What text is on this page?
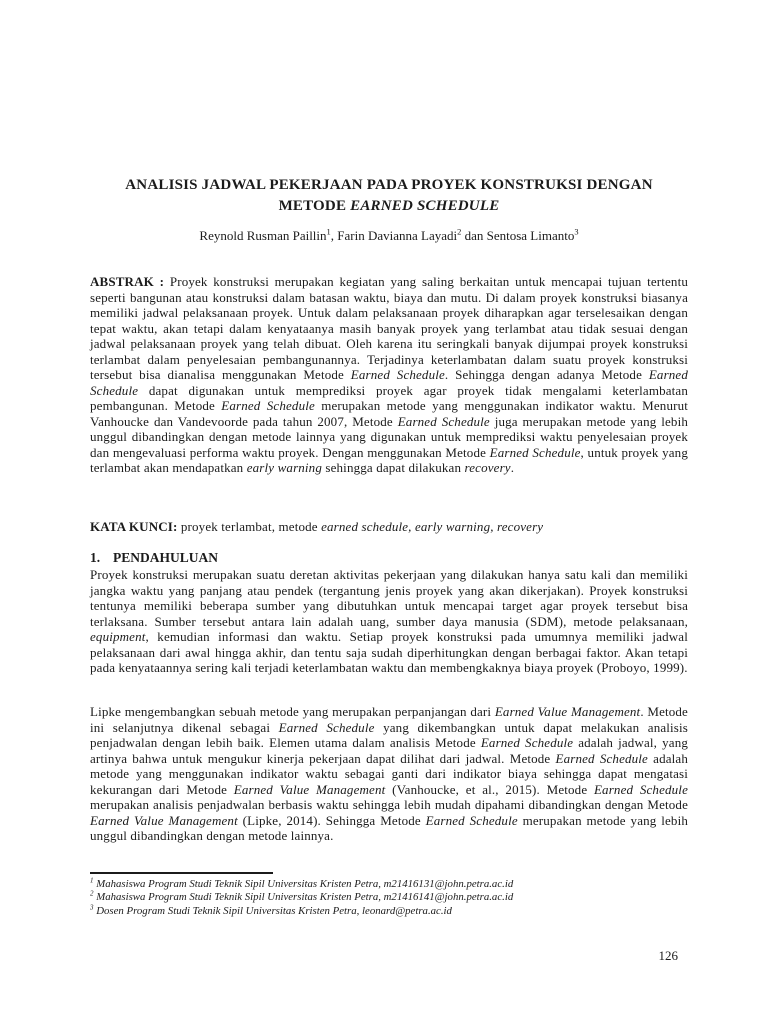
ANALISIS JADWAL PEKERJAAN PADA PROYEK KONSTRUKSI DENGAN
METODE EARNED SCHEDULE
Reynold Rusman Paillin$^1$, Farin Davianna Layadi$^2$ dan Sentosa Limanto$^3$
ABSTRAK : Proyek konstruksi merupakan kegiatan yang saling berkaitan untuk mencapai tujuan tertentu seperti bangunan atau konstruksi dalam batasan waktu, biaya dan mutu. Di dalam proyek konstruksi biasanya memiliki jadwal pelaksanaan proyek. Untuk dalam pelaksanaan proyek diharapkan agar terselesaikan dengan tepat waktu, akan tetapi dalam kenyataanya masih banyak proyek yang terlambat atau tidak sesuai dengan jadwal pelaksanaan proyek yang telah dibuat. Oleh karena itu seringkali banyak dijumpai proyek konstruksi terlambat dalam penyelesaian pembangunannya. Terjadinya keterlambatan dalam suatu proyek konstruksi tersebut bisa dianalisa menggunakan Metode Earned Schedule. Sehingga dengan adanya Metode Earned Schedule dapat digunakan untuk memprediksi proyek agar proyek tidak mengalami keterlambatan pembangunan. Metode Earned Schedule merupakan metode yang menggunakan indikator waktu. Menurut Vanhoucke dan Vandevoorde pada tahun 2007, Metode Earned Schedule juga merupakan metode yang lebih unggul dibandingkan dengan metode lainnya yang digunakan untuk memprediksi waktu penyelesaian proyek dan mengevaluasi performa waktu proyek. Dengan menggunakan Metode Earned Schedule, untuk proyek yang terlambat akan mendapatkan early warning sehingga dapat dilakukan recovery.
KATA KUNCI: proyek terlambat, metode earned schedule, early warning, recovery
1. PENDAHULUAN
Proyek konstruksi merupakan suatu deretan aktivitas pekerjaan yang dilakukan hanya satu kali dan memiliki jangka waktu yang panjang atau pendek (tergantung jenis proyek yang akan dikerjakan). Proyek konstruksi tentunya memiliki beberapa sumber yang dibutuhkan untuk mencapai target agar proyek tersebut bisa terlaksana. Sumber tersebut antara lain adalah uang, sumber daya manusia (SDM), metode pelaksanaan, equipment, kemudian informasi dan waktu. Setiap proyek konstruksi pada umumnya memiliki jadwal pelaksanaan dari awal hingga akhir, dan tentu saja sudah diperhitungkan dengan berbagai faktor. Akan tetapi pada kenyataannya sering kali terjadi keterlambatan waktu dan membengkaknya biaya proyek (Proboyo, 1999).
Lipke mengembangkan sebuah metode yang merupakan perpanjangan dari Earned Value Management. Metode ini selanjutnya dikenal sebagai Earned Schedule yang dikembangkan untuk dapat melakukan analisis penjadwalan dengan lebih baik. Elemen utama dalam analisis Metode Earned Schedule adalah jadwal, yang artinya bahwa untuk mengukur kinerja pekerjaan dapat dilihat dari jadwal. Metode Earned Schedule adalah metode yang menggunakan indikator waktu sebagai ganti dari indikator biaya sehingga dapat mengatasi kekurangan dari Metode Earned Value Management (Vanhoucke, et al., 2015). Metode Earned Schedule merupakan analisis penjadwalan berbasis waktu sehingga lebih mudah dipahami dibandingkan dengan Metode Earned Value Management (Lipke, 2014). Sehingga Metode Earned Schedule merupakan metode yang lebih unggul dibandingkan dengan metode lainnya.
$^1$ Mahasiswa Program Studi Teknik Sipil Universitas Kristen Petra, m21416131@john.petra.ac.id
$^2$ Mahasiswa Program Studi Teknik Sipil Universitas Kristen Petra, m21416141@john.petra.ac.id
$^3$ Dosen Program Studi Teknik Sipil Universitas Kristen Petra, leonard@petra.ac.id
126
